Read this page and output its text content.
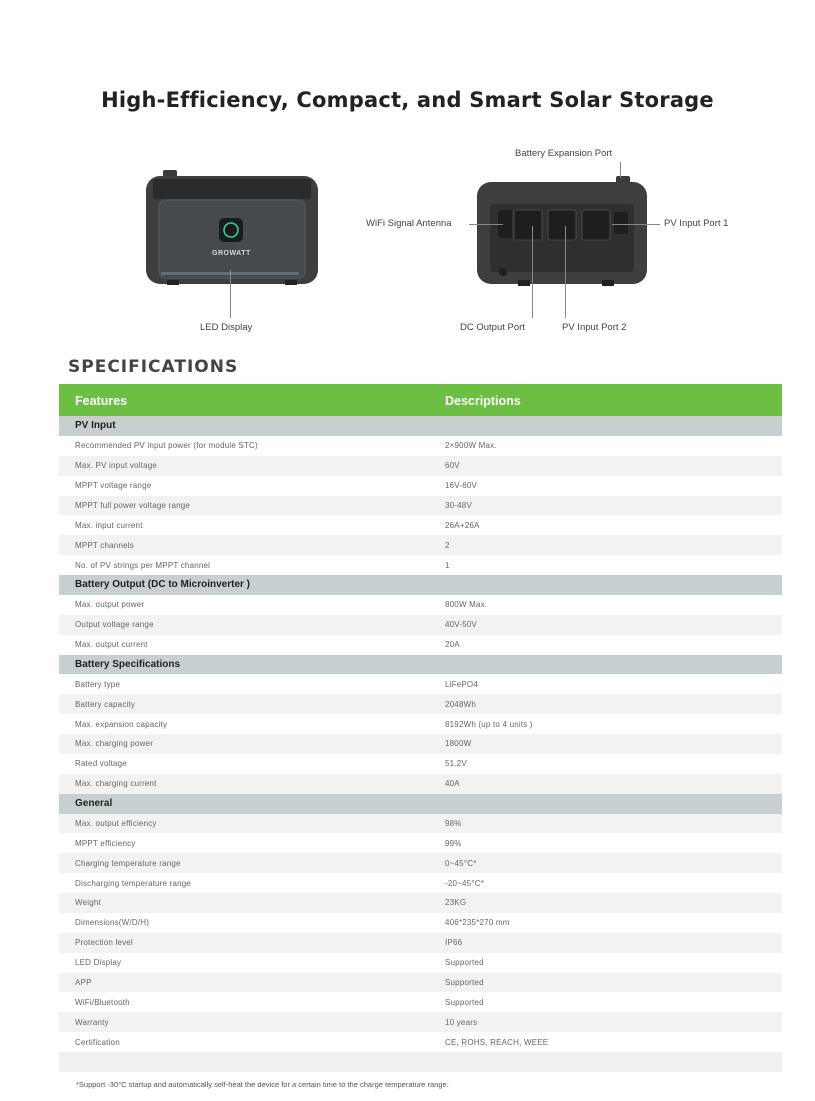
High-Efficiency, Compact, and Smart Solar Storage
GROWATT
LED Display
Battery Expansion Port
WiFi Signal Antenna	PV Input Port 1
DC Output Port	PV Input Port 2
SPECIFICATIONS
Features	Descriptions
PV Input	
Recommended PV input power (for module STC)	2×900W Max.
Max. PV input voltage	60V
MPPT voltage range	16V-60V
MPPT full power voltage range	30-48V
Max. input current	26A+26A
MPPT channels	2
No. of PV strings per MPPT channel	1
Battery Output (DC to Microinverter )	
Max. output power	800W Max.
Output voltage range	40V-50V
Max. output current	20A
Battery Specifications	
Battery type	LiFePO4
Battery capacity	2048Wh
Max. expansion capacity	8192Wh (up to 4 units )
Max. charging power	1800W
Rated voltage	51.2V
Max. charging current	40A
General	
Max. output efficiency	98%
MPPT efficiency	99%
Charging temperature range	0~45°C*
Discharging temperature range	-20~45°C*
Weight	23KG
Dimensions(W/D/H)	406*235*270 mm
Protection level	IP66
LED Display	Supported
APP	Supported
WiFi/Bluetooth	Supported
Warranty	10 years
Certification	CE, ROHS, REACH, WEEE

*Support -30°C startup and automatically self-heat the device for a certain time to the charge temperature range.
